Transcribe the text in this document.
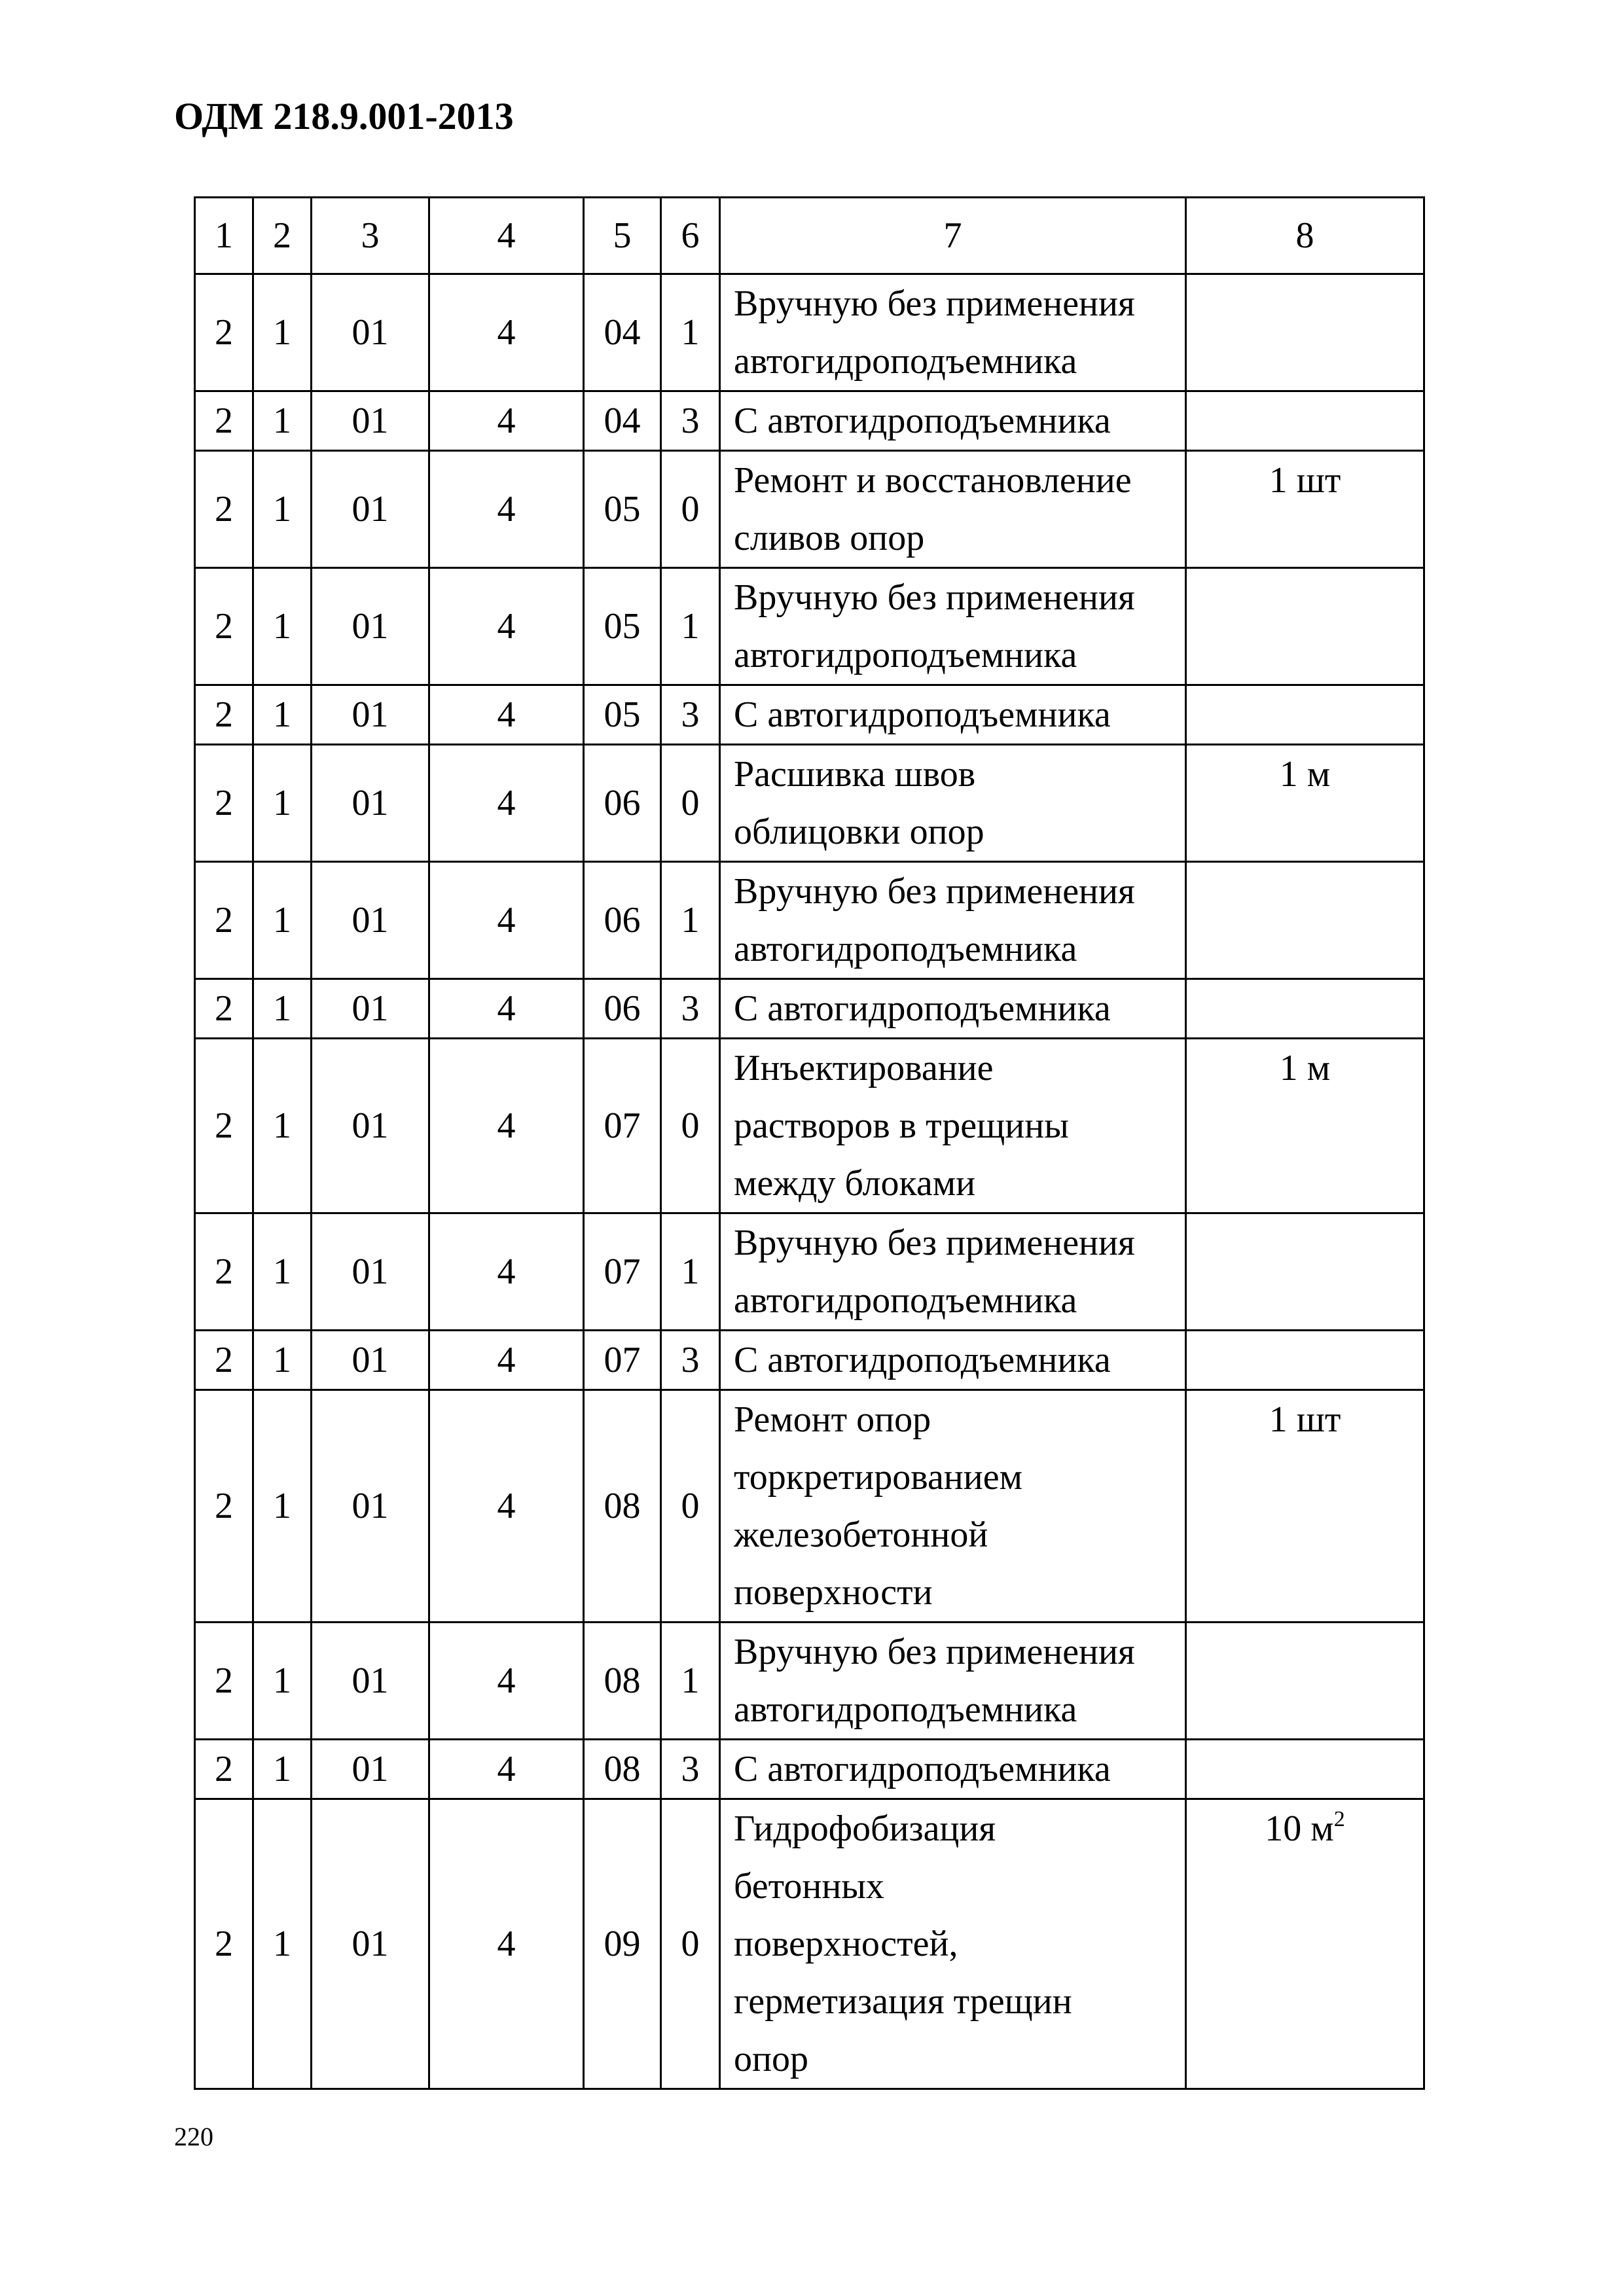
ОДМ 218.9.001-2013
1	2	3	4	5	6	7	8
2	1	01	4	04	1	Вручную без применения
автогидроподъемника	

2	1	01	4	04	3	С автогидроподъемника	

2	1	01	4	05	0	Ремонт и восстановление
сливов опор	1 шт
2	1	01	4	05	1	Вручную без применения
автогидроподъемника	

2	1	01	4	05	3	С автогидроподъемника	

2	1	01	4	06	0	Расшивка швов
облицовки опор	1 м
2	1	01	4	06	1	Вручную без применения
автогидроподъемника	

2	1	01	4	06	3	С автогидроподъемника	

2	1	01	4	07	0	Инъектирование
растворов в трещины
между блоками	1 м
2	1	01	4	07	1	Вручную без применения
автогидроподъемника	

2	1	01	4	07	3	С автогидроподъемника	

2	1	01	4	08	0	Ремонт опор
торкретированием
железобетонной
поверхности	1 шт
2	1	01	4	08	1	Вручную без применения
автогидроподъемника	

2	1	01	4	08	3	С автогидроподъемника	

2	1	01	4	09	0	Гидрофобизация
бетонных
поверхностей,
герметизация трещин
опор	10 $м^2$
220
